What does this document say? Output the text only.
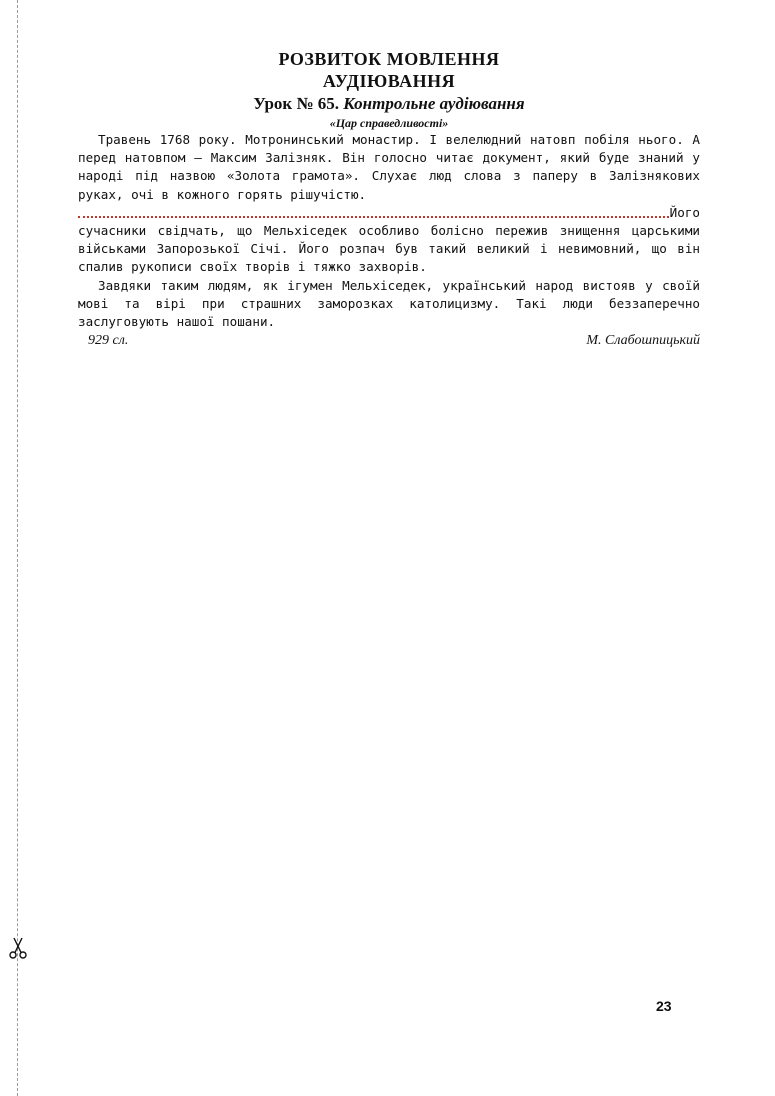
РОЗВИТОК МОВЛЕННЯ
АУДІЮВАННЯ
Урок № 65. Контрольне аудіювання
«Цар справедливості»

Травень 1768 року. Мотронинський монастир. І велелюдний натовп побіля нього. А перед натовпом — Максим Залізняк. Він голосно читає документ, який буде знаний у народі під назвою «Золота грамота». Слухає люд слова з паперу в Залізнякових руках, очі в кожного горять рішучістю.

Його

сучасники свідчать, що Мельхіседек особливо болісно пережив знищення царськими військами Запорозької Січі. Його розпач був такий великий і невимовний, що він спалив рукописи своїх творів і тяжко захворів.

Завдяки таким людям, як ігумен Мельхіседек, український народ вистояв у своїй мові та вірі при страшних заморозках католицизму. Такі люди беззаперечно заслуговують нашої пошани.

929 сл.	М. Слабошпицький
23
